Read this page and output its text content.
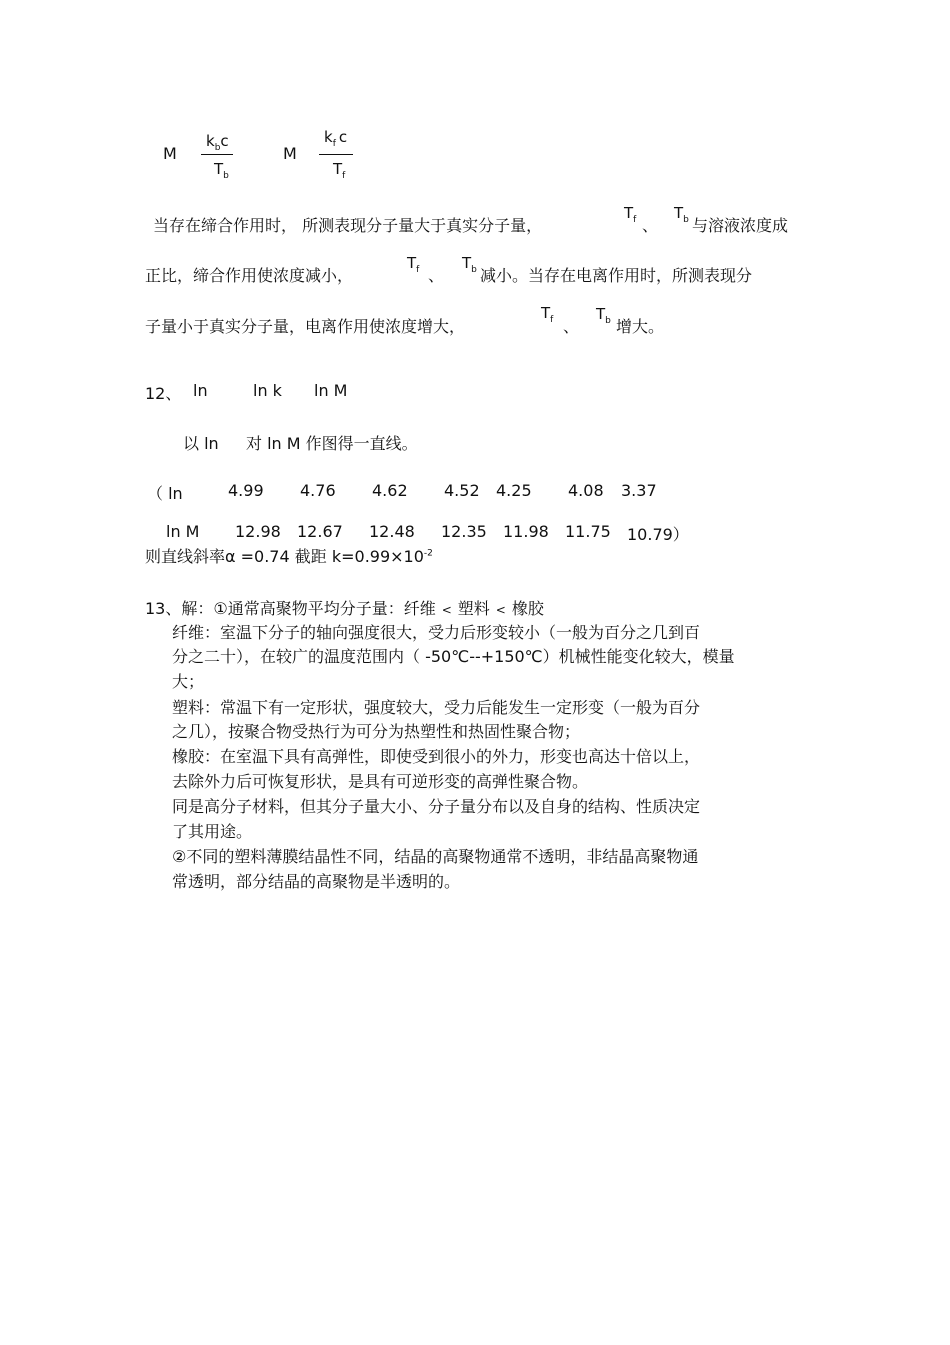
M
$k_bc$
$T_b$
M
$k_f$ c
$T_f$
当存在缔合作用时， 所测表现分子量大于真实分子量，
$T_f$ 、
$T_b$ 与溶液浓度成
正比，缔合作用使浓度减小，
$T_f$ 、
$T_b$ 减小。当存在电离作用时，所测表现分
子量小于真实分子量，电离作用使浓度增大，
$T_f$ 、
$T_b$ 增大。
12、 ln	ln k ln M
以 ln 对 ln M 作图得一直线。
（ ln	4.99 4.76 4.62 4.52 4.25 4.08 3.37
ln M 12.98 12.67 12.48 12.35 11.98 11.75 10.79）
则直线斜率α =0.74 截距 $k=0.99\times 10^{-2}$
13、解：①通常高聚物平均分子量：纤维 < 塑料 < 橡胶
纤维：室温下分子的轴向强度很大，受力后形变较小（一般为百分之几到百
分之二十），在较广的温度范围内（ -50℃--+150℃）机械性能变化较大，模量
大；
塑料：常温下有一定形状，强度较大，受力后能发生一定形变（一般为百分
之几），按聚合物受热行为可分为热塑性和热固性聚合物；
橡胶：在室温下具有高弹性，即使受到很小的外力，形变也高达十倍以上，
去除外力后可恢复形状，是具有可逆形变的高弹性聚合物。
同是高分子材料，但其分子量大小、分子量分布以及自身的结构、性质决定
了其用途。
②不同的塑料薄膜结晶性不同，结晶的高聚物通常不透明，非结晶高聚物通
常透明，部分结晶的高聚物是半透明的。
